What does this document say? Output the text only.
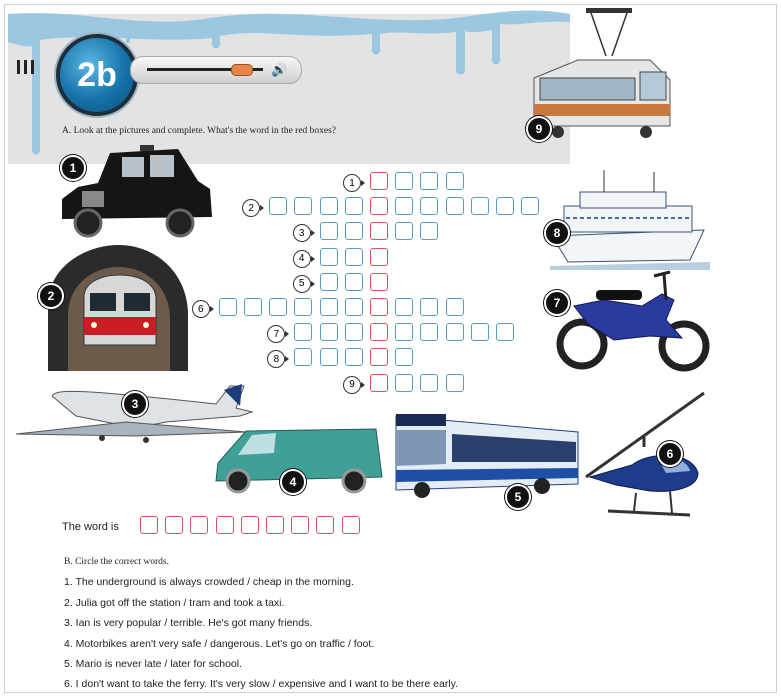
2b	🔊
A. Look at the pictures and complete. What's the word in the red boxes?	9
1
2
3
4
5
6
7
8
1
2
3
4
5
6
7
8
9
The word is
B. Circle the correct words.
1. The underground is always crowded / cheap in the morning.
2. Julia got off the station / tram and took a taxi.
3. Ian is very popular / terrible. He's got many friends.
4. Motorbikes aren't very safe / dangerous. Let's go on traffic / foot.
5. Mario is never late / later for school.
6. I don't want to take the ferry. It's very slow / expensive and I want to be there early.
